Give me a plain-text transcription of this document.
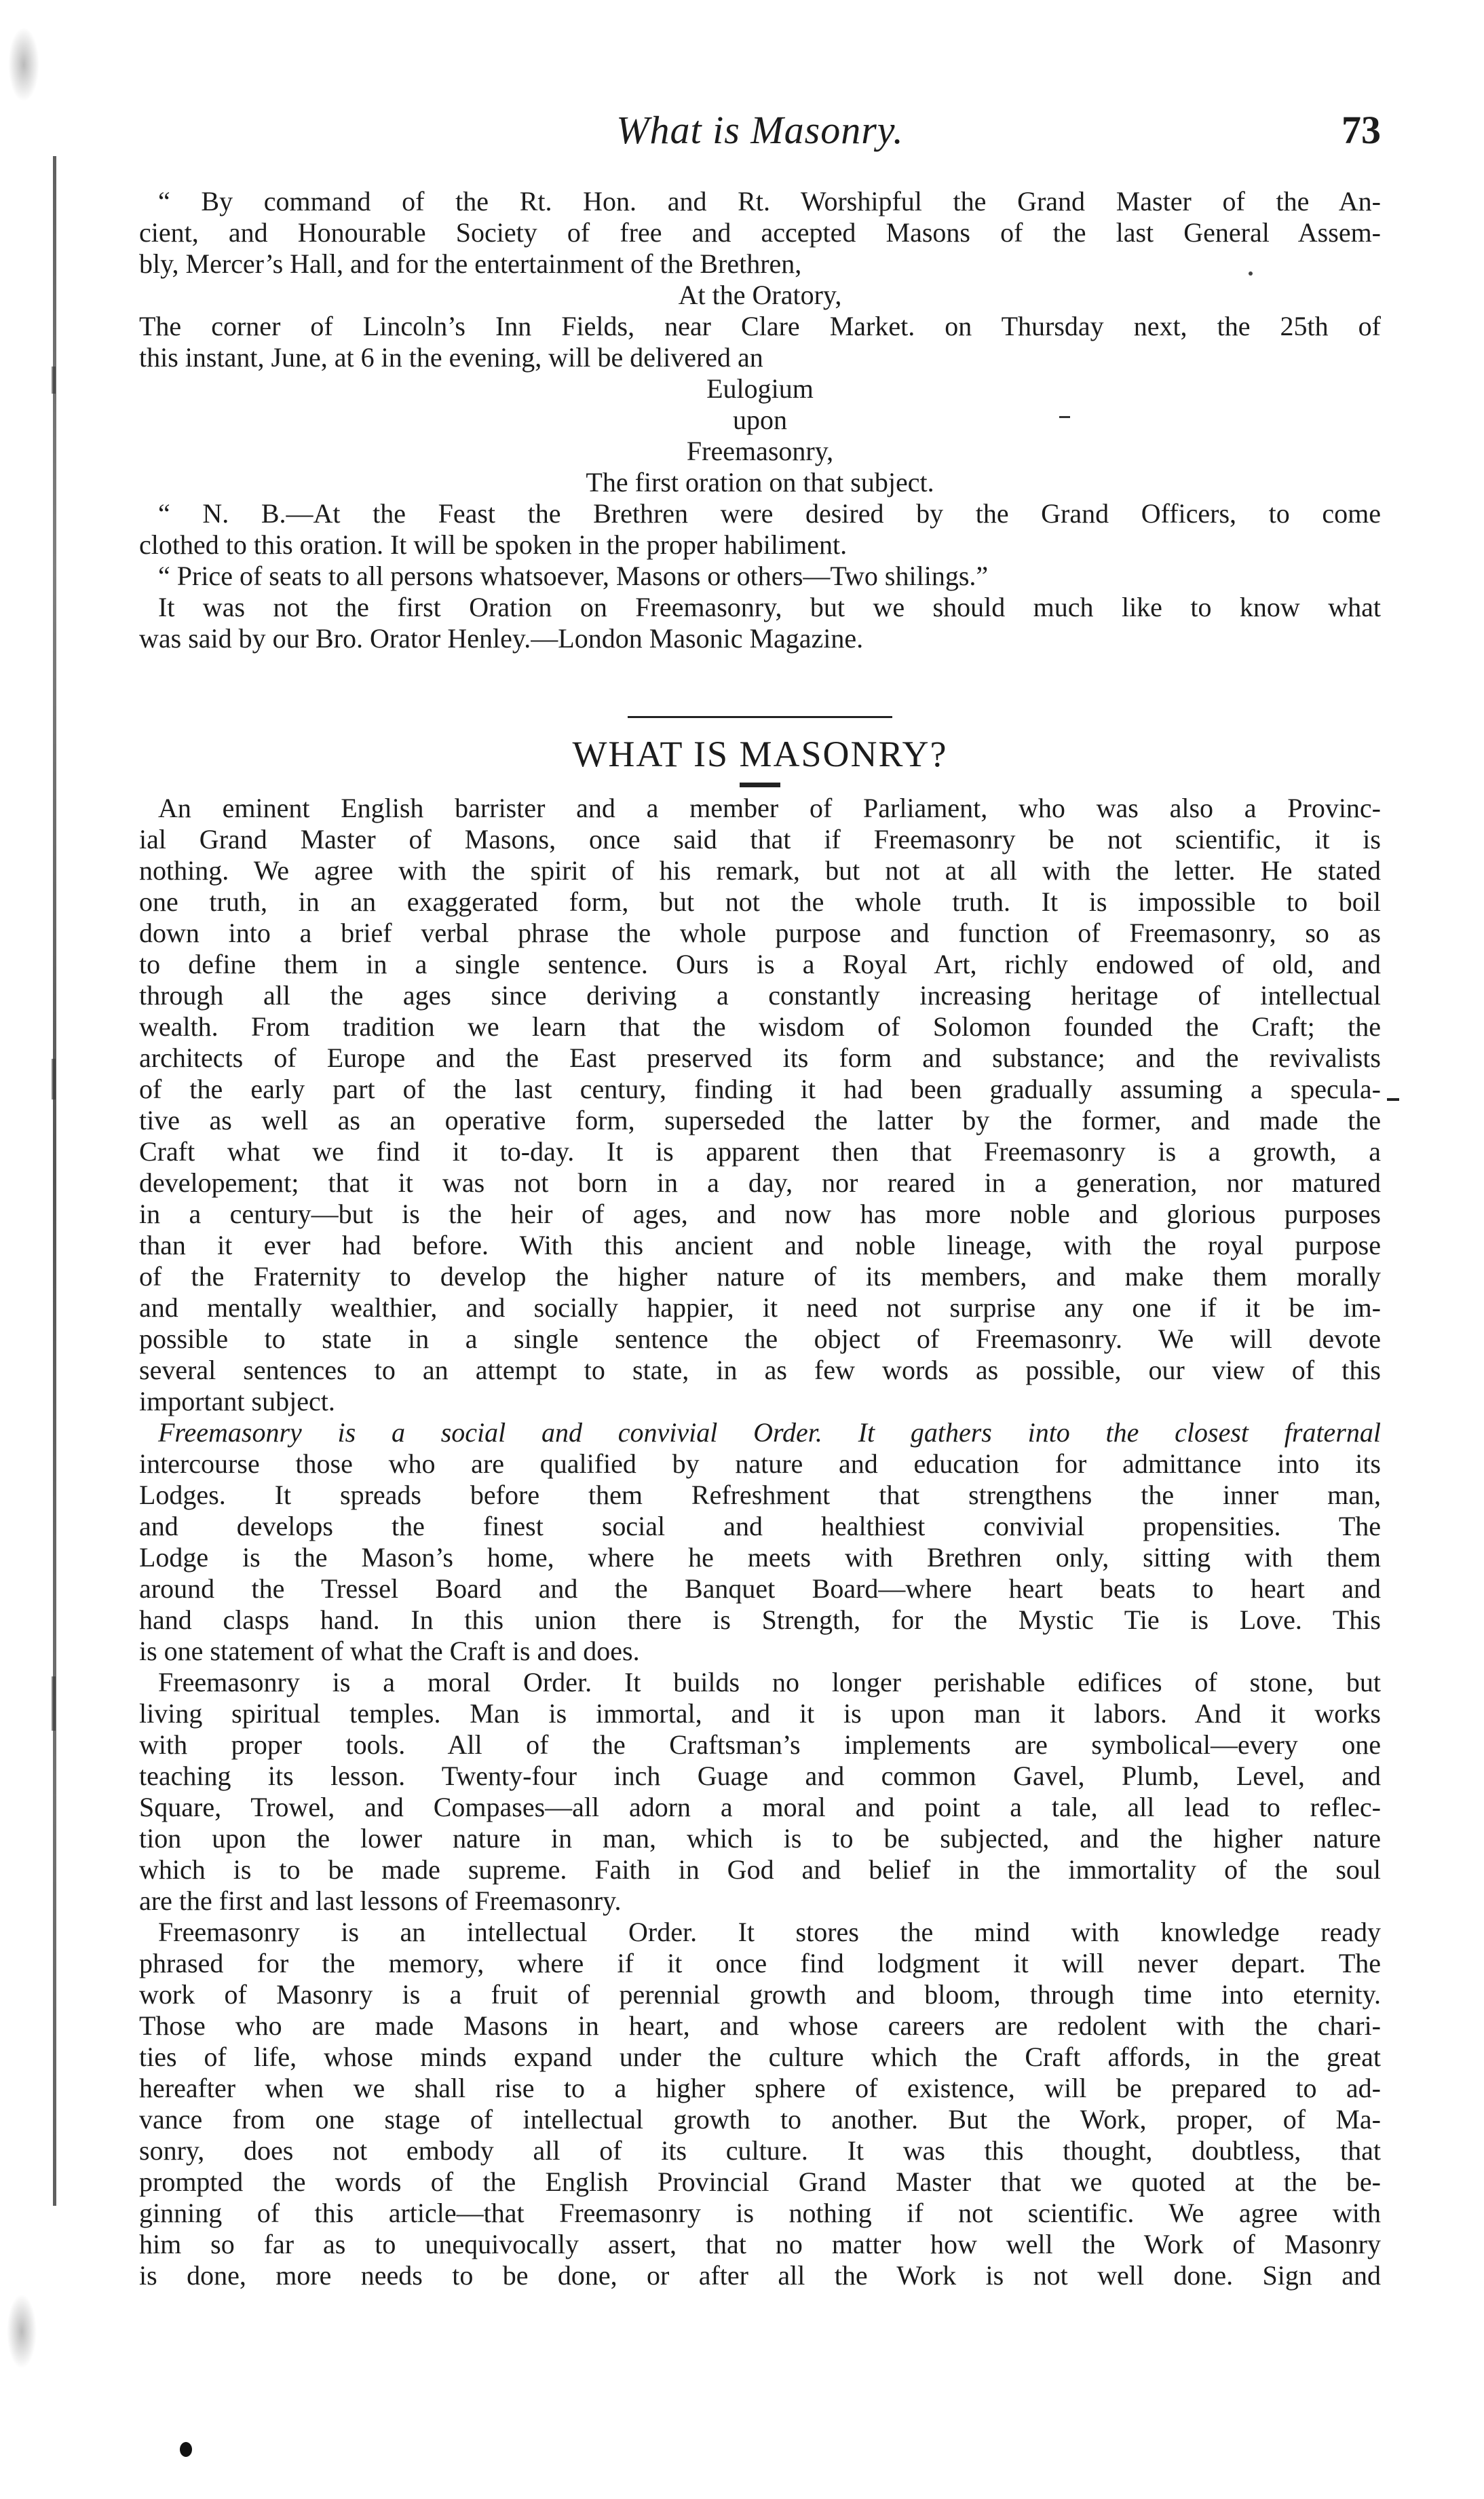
What is Masonry.	73
“ By command of the Rt. Hon. and Rt. Worshipful the Grand Master of the An-
cient, and Honourable Society of free and accepted Masons of the last General Assem-
bly, Mercer’s Hall, and for the entertainment of the Brethren,
At the Oratory,
The corner of Lincoln’s Inn Fields, near Clare Market. on Thursday next, the 25th of
this instant, June, at 6 in the evening, will be delivered an
Eulogium
upon
Freemasonry,
The first oration on that subject.
“ N. B.—At the Feast the Brethren were desired by the Grand Officers, to come
clothed to this oration. It will be spoken in the proper habiliment.
“ Price of seats to all persons whatsoever, Masons or others—Two shilings.”
It was not the first Oration on Freemasonry, but we should much like to know what
was said by our Bro. Orator Henley.—London Masonic Magazine.
WHAT IS MASONRY?
An eminent English barrister and a member of Parliament, who was also a Provinc-
ial Grand Master of Masons, once said that if Freemasonry be not scientific, it is
nothing. We agree with the spirit of his remark, but not at all with the letter. He stated
one truth, in an exaggerated form, but not the whole truth. It is impossible to boil
down into a brief verbal phrase the whole purpose and function of Freemasonry, so as
to define them in a single sentence. Ours is a Royal Art, richly endowed of old, and
through all the ages since deriving a constantly increasing heritage of intellectual
wealth. From tradition we learn that the wisdom of Solomon founded the Craft; the
architects of Europe and the East preserved its form and substance; and the revivalists
of the early part of the last century, finding it had been gradually assuming a specula-
tive as well as an operative form, superseded the latter by the former, and made the
Craft what we find it to-day. It is apparent then that Freemasonry is a growth, a
developement; that it was not born in a day, nor reared in a generation, nor matured
in a century—but is the heir of ages, and now has more noble and glorious purposes
than it ever had before. With this ancient and noble lineage, with the royal purpose
of the Fraternity to develop the higher nature of its members, and make them morally
and mentally wealthier, and socially happier, it need not surprise any one if it be im-
possible to state in a single sentence the object of Freemasonry. We will devote
several sentences to an attempt to state, in as few words as possible, our view of this
important subject.
Freemasonry is a social and convivial Order. It gathers into the closest fraternal
intercourse those who are qualified by nature and education for admittance into its
Lodges. It spreads before them Refreshment that strengthens the inner man,
and develops the finest social and healthiest convivial propensities. The
Lodge is the Mason’s home, where he meets with Brethren only, sitting with them
around the Tressel Board and the Banquet Board—where heart beats to heart and
hand clasps hand. In this union there is Strength, for the Mystic Tie is Love. This
is one statement of what the Craft is and does.
Freemasonry is a moral Order. It builds no longer perishable edifices of stone, but
living spiritual temples. Man is immortal, and it is upon man it labors. And it works
with proper tools. All of the Craftsman’s implements are symbolical—every one
teaching its lesson. Twenty-four inch Guage and common Gavel, Plumb, Level, and
Square, Trowel, and Compases—all adorn a moral and point a tale, all lead to reflec-
tion upon the lower nature in man, which is to be subjected, and the higher nature
which is to be made supreme. Faith in God and belief in the immortality of the soul
are the first and last lessons of Freemasonry.
Freemasonry is an intellectual Order. It stores the mind with knowledge ready
phrased for the memory, where if it once find lodgment it will never depart. The
work of Masonry is a fruit of perennial growth and bloom, through time into eternity.
Those who are made Masons in heart, and whose careers are redolent with the chari-
ties of life, whose minds expand under the culture which the Craft affords, in the great
hereafter when we shall rise to a higher sphere of existence, will be prepared to ad-
vance from one stage of intellectual growth to another. But the Work, proper, of Ma-
sonry, does not embody all of its culture. It was this thought, doubtless, that
prompted the words of the English Provincial Grand Master that we quoted at the be-
ginning of this article—that Freemasonry is nothing if not scientific. We agree with
him so far as to unequivocally assert, that no matter how well the Work of Masonry
is done, more needs to be done, or after all the Work is not well done. Sign and
